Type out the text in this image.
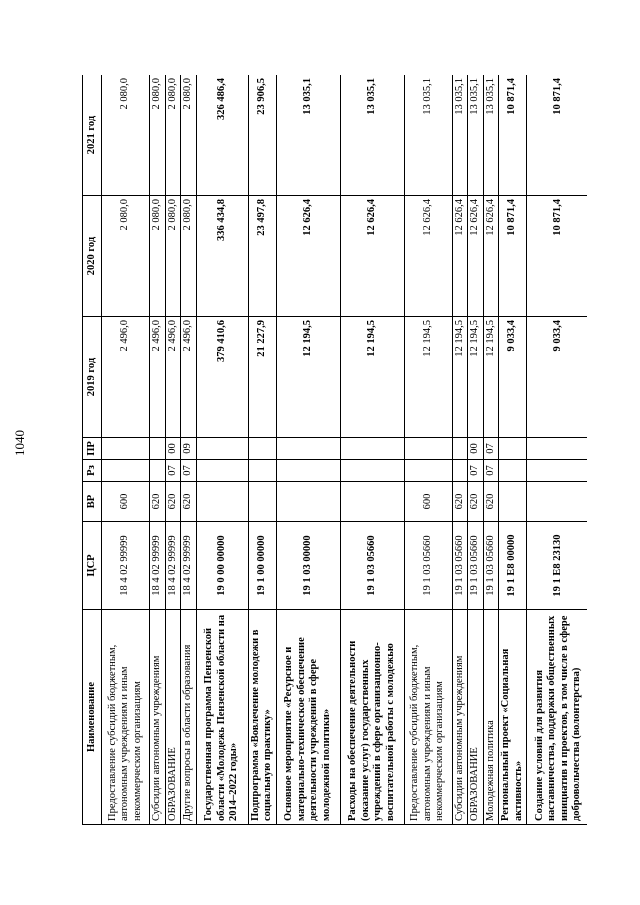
1040
Наименование	ЦСР	ВР	Рз	ПР	2019 год	2020 год	2021 год
Предоставление субсидий бюджетным, автономным учреждениям и иным некоммерческим организациям	18 4 02 99999	600			2 496,0	2 080,0	2 080,0
Субсидии автономным учреждениям	18 4 02 99999	620			2 496,0	2 080,0	2 080,0
ОБРАЗОВАНИЕ	18 4 02 99999	620	07	00	2 496,0	2 080,0	2 080,0
Другие вопросы в области образования	18 4 02 99999	620	07	09	2 496,0	2 080,0	2 080,0
Государственная программа Пензенской области «Молодежь Пензенской области на 2014–2022 годы»	19 0 00 00000				379 410,6	336 434,8	326 486,4
Подпрограмма «Вовлечение молодежи в социальную практику»	19 1 00 00000				21 227,9	23 497,8	23 906,5
Основное мероприятие «Ресурсное и материально-техническое обеспечение деятельности учреждений в сфере молодежной политики»	19 1 03 00000				12 194,5	12 626,4	13 035,1
Расходы на обеспечение деятельности (оказание услуг) государственных учреждений в сфере организационно-воспитательной работы с молодежью	19 1 03 05660				12 194,5	12 626,4	13 035,1
Предоставление субсидий бюджетным, автономным учреждениям и иным некоммерческим организациям	19 1 03 05660	600			12 194,5	12 626,4	13 035,1
Субсидии автономным учреждениям	19 1 03 05660	620			12 194,5	12 626,4	13 035,1
ОБРАЗОВАНИЕ	19 1 03 05660	620	07	00	12 194,5	12 626,4	13 035,1
Молодежная политика	19 1 03 05660	620	07	07	12 194,5	12 626,4	13 035,1
Региональный проект «Социальная активность»	19 1 E8 00000				9 033,4	10 871,4	10 871,4
Создание условий для развития наставничества, поддержки общественных инициатив и проектов, в том числе в сфере добровольчества (волонтерства)	19 1 E8 23130				9 033,4	10 871,4	10 871,4
